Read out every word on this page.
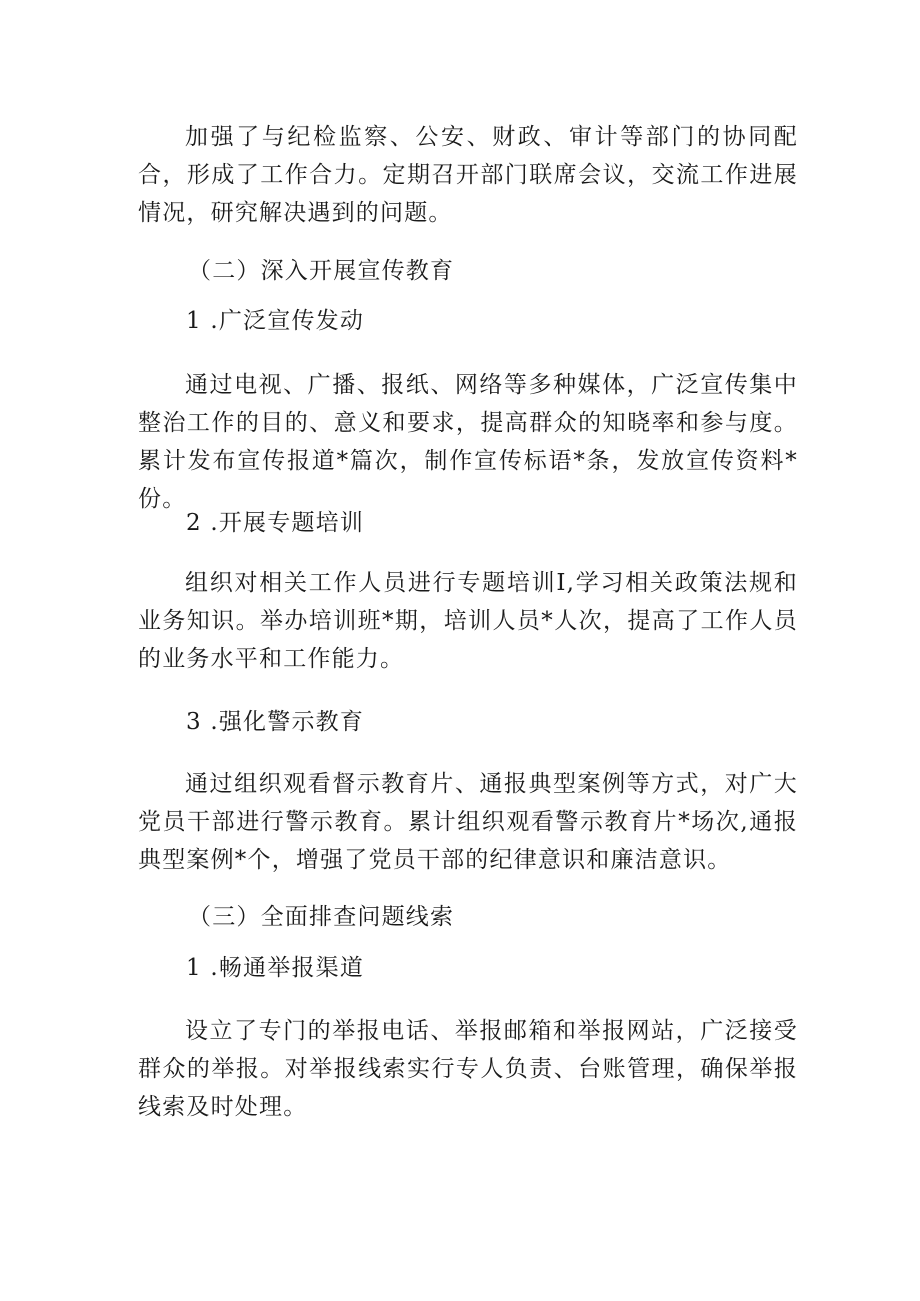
加强了与纪检监察、公安、财政、审计等部门的协同配合，形成了工作合力。定期召开部门联席会议，交流工作进展情况，研究解决遇到的问题。

（二）深入开展宣传教育

1 .广泛宣传发动

通过电视、广播、报纸、网络等多种媒体，广泛宣传集中整治工作的目的、意义和要求，提高群众的知晓率和参与度。累计发布宣传报道*篇次，制作宣传标语*条，发放宣传资料*份。

2 .开展专题培训

组织对相关工作人员进行专题培训I,学习相关政策法规和业务知识。举办培训班*期，培训人员*人次，提高了工作人员的业务水平和工作能力。

3 .强化警示教育

通过组织观看督示教育片、通报典型案例等方式，对广大党员干部进行警示教育。累计组织观看警示教育片*场次,通报典型案例*个，增强了党员干部的纪律意识和廉洁意识。

（三）全面排查问题线索

1 .畅通举报渠道

设立了专门的举报电话、举报邮箱和举报网站，广泛接受群众的举报。对举报线索实行专人负责、台账管理，确保举报线索及时处理。
